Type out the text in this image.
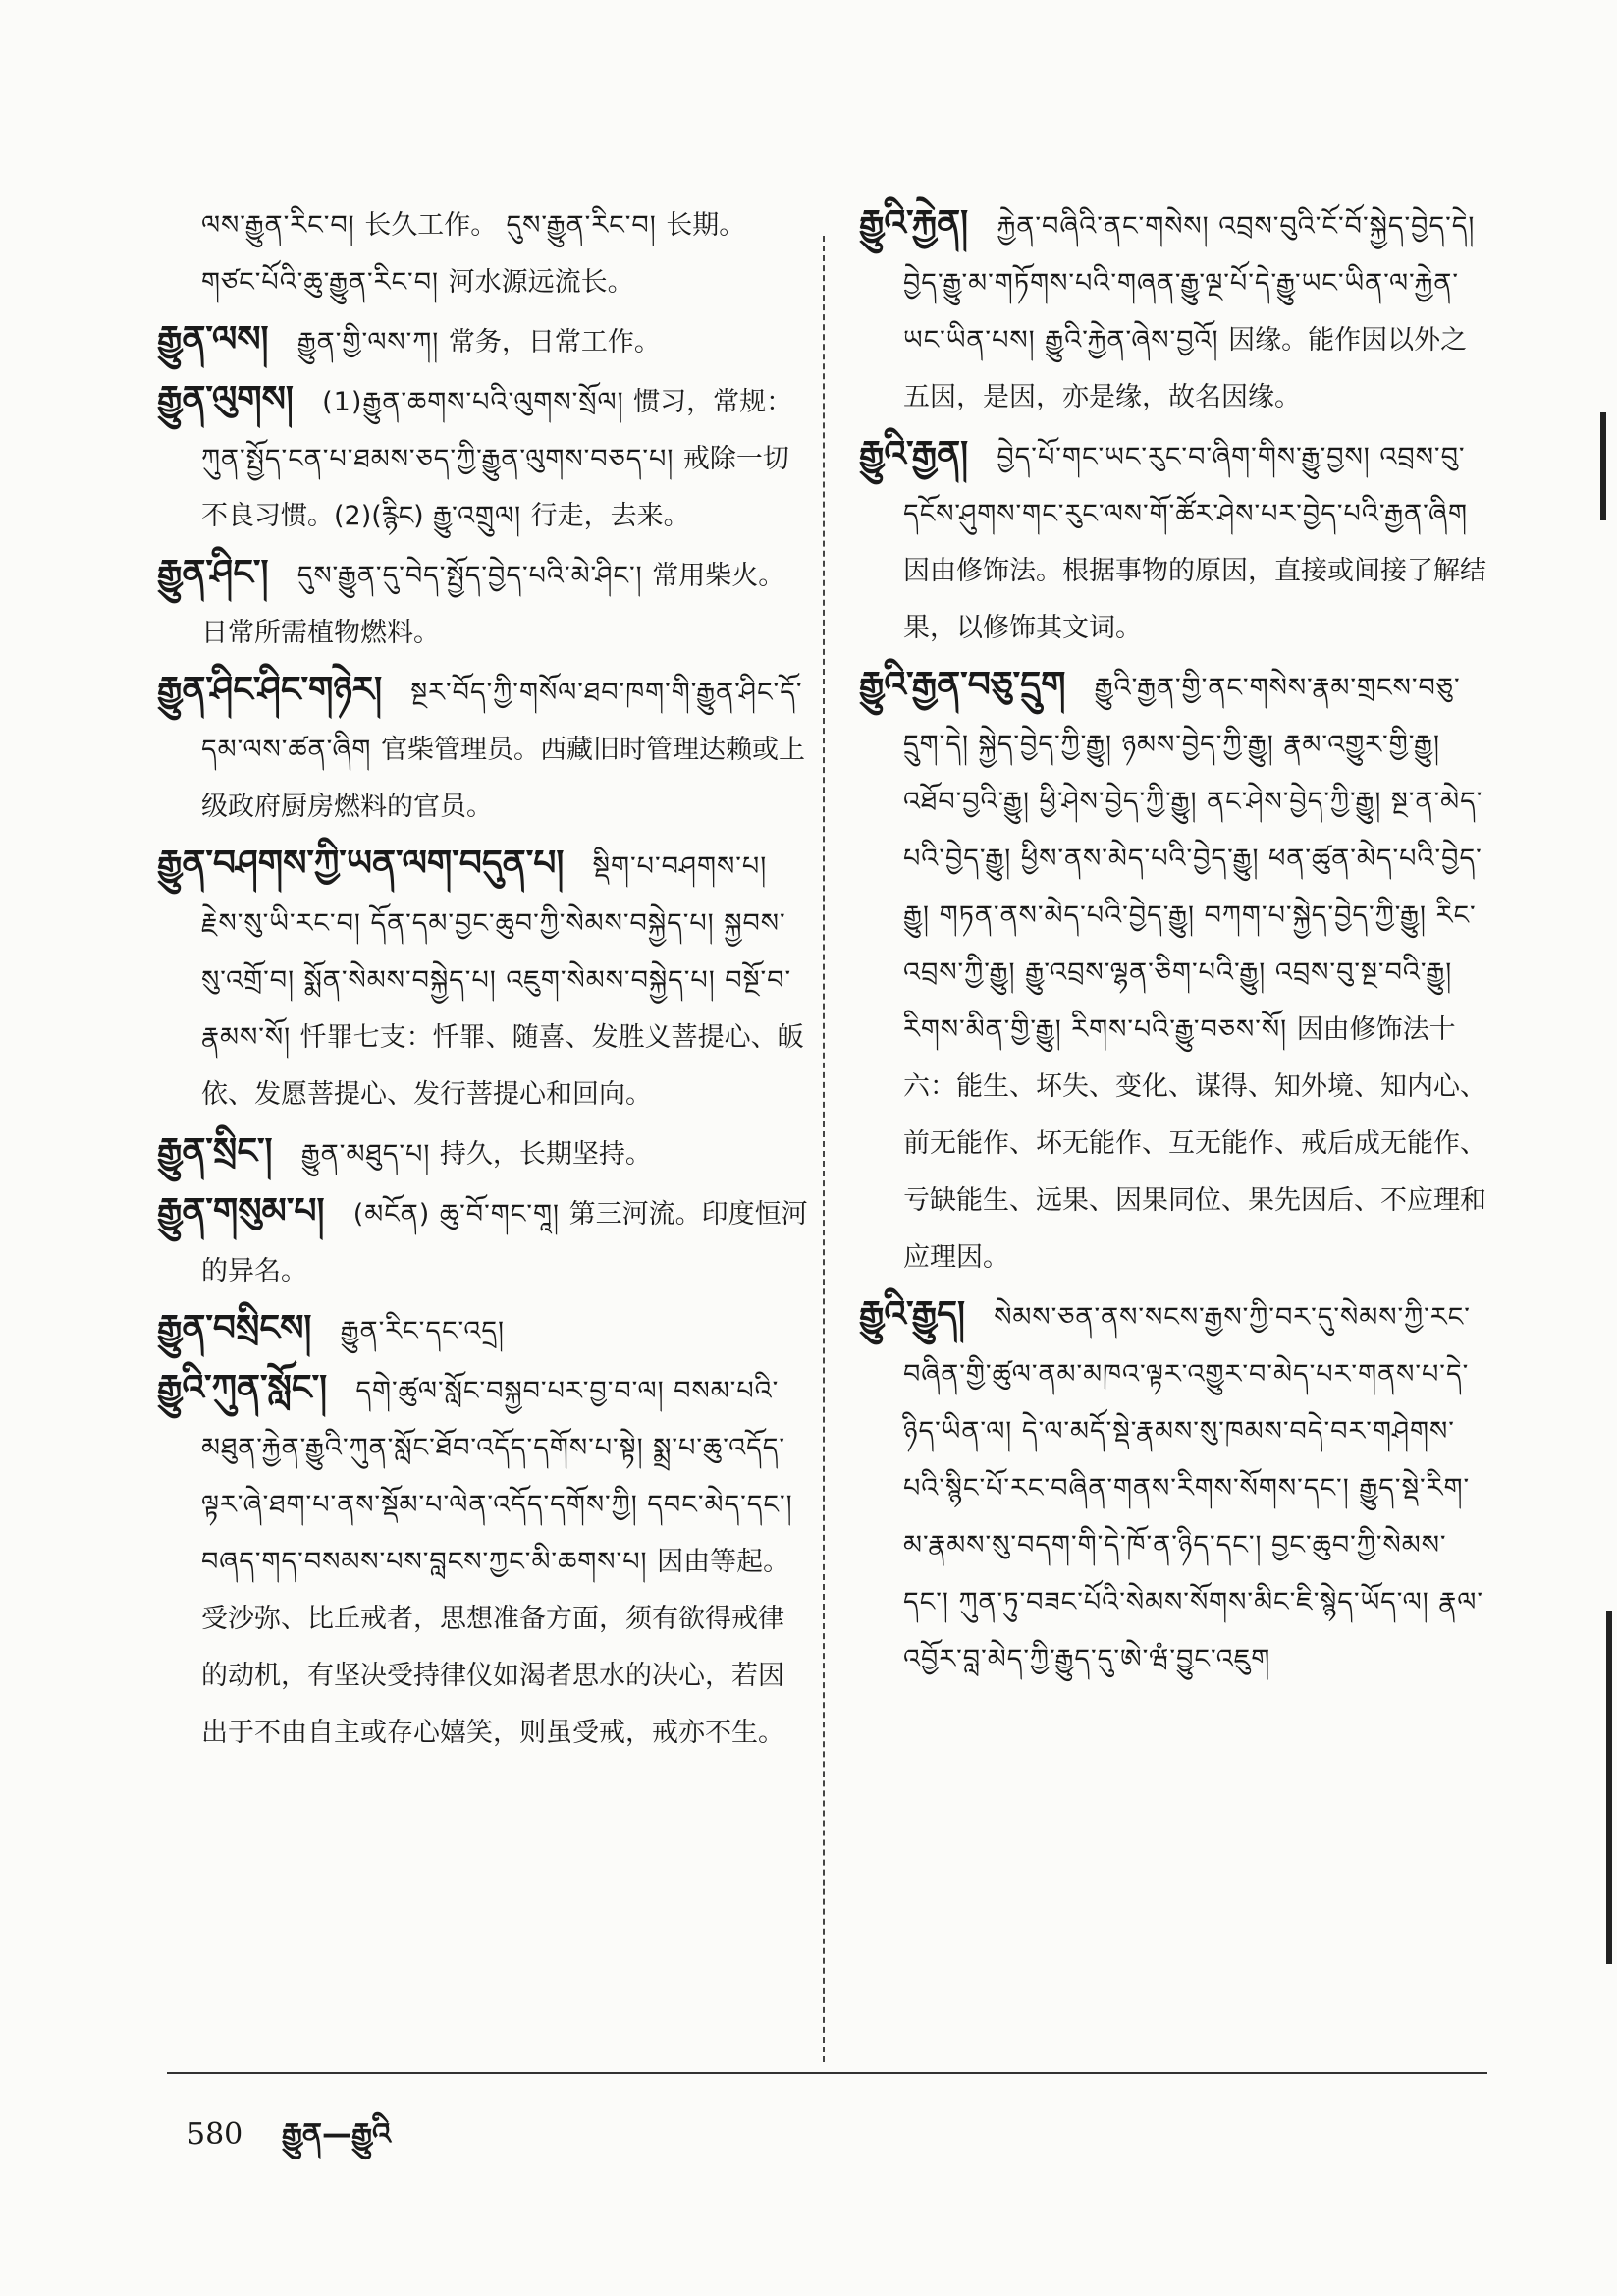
ལས་རྒྱུན་རིང་བ། 长久工作。 དུས་རྒྱུན་རིང་བ། 长期。 གཙང་པོའི་ཆུ་རྒྱུན་རིང་བ། 河水源远流长。
རྒྱུན་ལས། རྒྱུན་གྱི་ལས་ཀ། 常务，日常工作。
རྒྱུན་ལུགས། (1)རྒྱུན་ཆགས་པའི་ལུགས་སྲོལ། 惯习，常规： ཀུན་སྤྱོད་ངན་པ་ཐམས་ཅད་ཀྱི་རྒྱུན་ལུགས་བཅད་པ། 戒除一切不良习惯。(2)(རྙིང) རྒྱུ་འགྲུལ། 行走，去来。
རྒྱུན་ཤིང་། དུས་རྒྱུན་དུ་བེད་སྤྱོད་བྱེད་པའི་མེ་ཤིང་། 常用柴火。日常所需植物燃料。
རྒྱུན་ཤིང་ཤིང་གཉེར། སྔར་བོད་ཀྱི་གསོལ་ཐབ་ཁག་གི་རྒྱུན་ཤིང་དོ་དམ་ལས་ཚན་ཞིག 官柴管理员。西藏旧时管理达赖或上级政府厨房燃料的官员。
རྒྱུན་བཤགས་ཀྱི་ཡན་ལག་བདུན་པ། སྡིག་པ་བཤགས་པ། རྗེས་སུ་ཡི་རང་བ། དོན་དམ་བྱང་ཆུབ་ཀྱི་སེམས་བསྐྱེད་པ། སྐྱབས་སུ་འགྲོ་བ། སྨོན་སེམས་བསྐྱེད་པ། འཇུག་སེམས་བསྐྱེད་པ། བསྔོ་བ་རྣམས་སོ། 忏罪七支：忏罪、随喜、发胜义菩提心、皈依、发愿菩提心、发行菩提心和回向。
རྒྱུན་སྲིང་། རྒྱུན་མཐུད་པ། 持久，长期坚持。
རྒྱུན་གསུམ་པ། (མངོན) ཆུ་བོ་གང་གཱ། 第三河流。印度恒河的异名。
རྒྱུན་བསྲིངས། རྒྱུན་རིང་དང་འདྲ།
རྒྱུའི་ཀུན་སློང་། དགེ་ཚུལ་སློང་བསྐྱབ་པར་བྱ་བ་ལ། བསམ་པའི་མཐུན་རྐྱེན་རྒྱུའི་ཀུན་སློང་ཐོབ་འདོད་དགོས་པ་སྟེ། སྨྲ་པ་ཆུ་འདོད་ལྟར་ཞེ་ཐག་པ་ནས་སྡོམ་པ་ལེན་འདོད་དགོས་ཀྱི། དབང་མེད་དང་། བཞད་གད་བསམས་པས་བླངས་ཀྱང་མི་ཆགས་པ། 因由等起。受沙弥、比丘戒者，思想准备方面，须有欲得戒律的动机，有坚决受持律仪如渴者思水的决心，若因出于不由自主或存心嬉笑，则虽受戒，戒亦不生。
རྒྱུའི་རྐྱེན། རྐྱེན་བཞིའི་ནང་གསེས། འབྲས་བུའི་ངོ་བོ་སྐྱེད་བྱེད་དེ། བྱེད་རྒྱུ་མ་གཏོགས་པའི་གཞན་རྒྱུ་ལྔ་པོ་དེ་རྒྱུ་ཡང་ཡིན་ལ་རྐྱེན་ཡང་ཡིན་པས། རྒྱུའི་རྐྱེན་ཞེས་བྱའོ། 因缘。能作因以外之五因，是因，亦是缘，故名因缘。
རྒྱུའི་རྒྱན། བྱེད་པོ་གང་ཡང་རུང་བ་ཞིག་གིས་རྒྱུ་བྱས། འབྲས་བུ་དངོས་ཤུགས་གང་རུང་ལས་གོ་ཚོར་ཤེས་པར་བྱེད་པའི་རྒྱན་ཞིག 因由修饰法。根据事物的原因，直接或间接了解结果，以修饰其文词。
རྒྱུའི་རྒྱན་བཅུ་དྲུག རྒྱུའི་རྒྱན་གྱི་ནང་གསེས་རྣམ་གྲངས་བཅུ་དྲུག་དེ། སྐྱེད་བྱེད་ཀྱི་རྒྱུ། ཉམས་བྱེད་ཀྱི་རྒྱུ། རྣམ་འགྱུར་གྱི་རྒྱུ། འཐོབ་བྱའི་རྒྱུ། ཕྱི་ཤེས་བྱེད་ཀྱི་རྒྱུ། ནང་ཤེས་བྱེད་ཀྱི་རྒྱུ། སྔ་ན་མེད་པའི་བྱེད་རྒྱུ། ཕྱིས་ནས་མེད་པའི་བྱེད་རྒྱུ། ཕན་ཚུན་མེད་པའི་བྱེད་རྒྱུ། གཏན་ནས་མེད་པའི་བྱེད་རྒྱུ། བཀག་པ་སྐྱེད་བྱེད་ཀྱི་རྒྱུ། རིང་འབྲས་ཀྱི་རྒྱུ། རྒྱུ་འབྲས་ལྷན་ཅིག་པའི་རྒྱུ། འབྲས་བུ་སྔ་བའི་རྒྱུ། རིགས་མིན་གྱི་རྒྱུ། རིགས་པའི་རྒྱུ་བཅས་སོ། 因由修饰法十六：能生、坏失、变化、谋得、知外境、知内心、前无能作、坏无能作、互无能作、戒后成无能作、亏缺能生、远果、因果同位、果先因后、不应理和应理因。
རྒྱུའི་རྒྱུད། སེམས་ཅན་ནས་སངས་རྒྱས་ཀྱི་བར་དུ་སེམས་ཀྱི་རང་བཞིན་གྱི་ཚུལ་ནམ་མཁའ་ལྟར་འགྱུར་བ་མེད་པར་གནས་པ་དེ་ཉིད་ཡིན་ལ། དེ་ལ་མདོ་སྡེ་རྣམས་སུ་ཁམས་བདེ་བར་གཤེགས་པའི་སྙིང་པོ་རང་བཞིན་གནས་རིགས་སོགས་དང་། རྒྱུད་སྡེ་རིག་མ་རྣམས་སུ་བདག་གི་དེ་ཁོ་ན་ཉིད་དང་། བྱང་ཆུབ་ཀྱི་སེམས་དང་། ཀུན་ཏུ་བཟང་པོའི་སེམས་སོགས་མིང་ཇི་སྙེད་ཡོད་ལ། རྣལ་འབྱོར་བླ་མེད་ཀྱི་རྒྱུད་དུ་ཨེ་ཝཾ་བྱུང་འཇུག
580 རྒྱུན—རྒྱུའི
